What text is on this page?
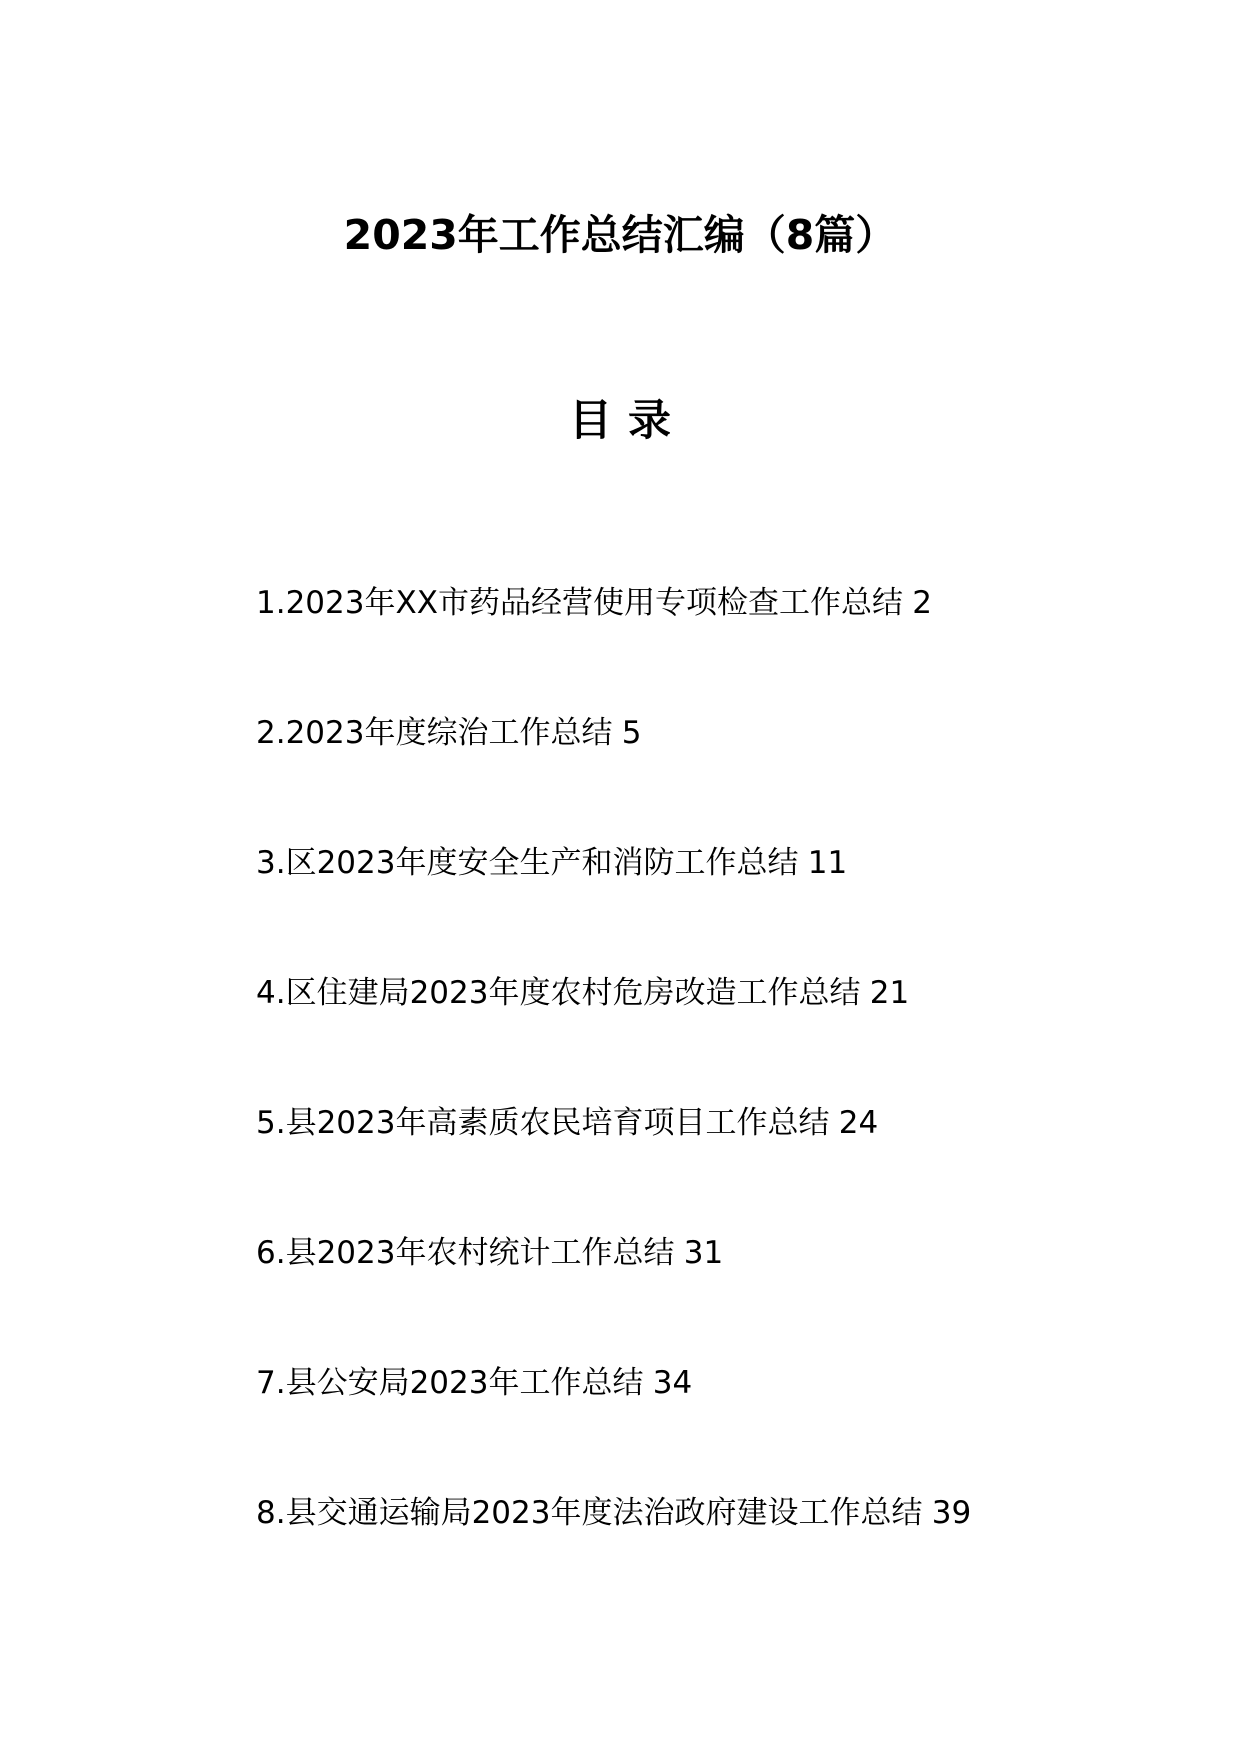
2023年工作总结汇编（8篇）
目录
1.2023年XX市药品经营使用专项检查工作总结 2
2.2023年度综治工作总结 5
3.区2023年度安全生产和消防工作总结 11
4.区住建局2023年度农村危房改造工作总结 21
5.县2023年高素质农民培育项目工作总结 24
6.县2023年农村统计工作总结 31
7.县公安局2023年工作总结 34
8.县交通运输局2023年度法治政府建设工作总结 39
